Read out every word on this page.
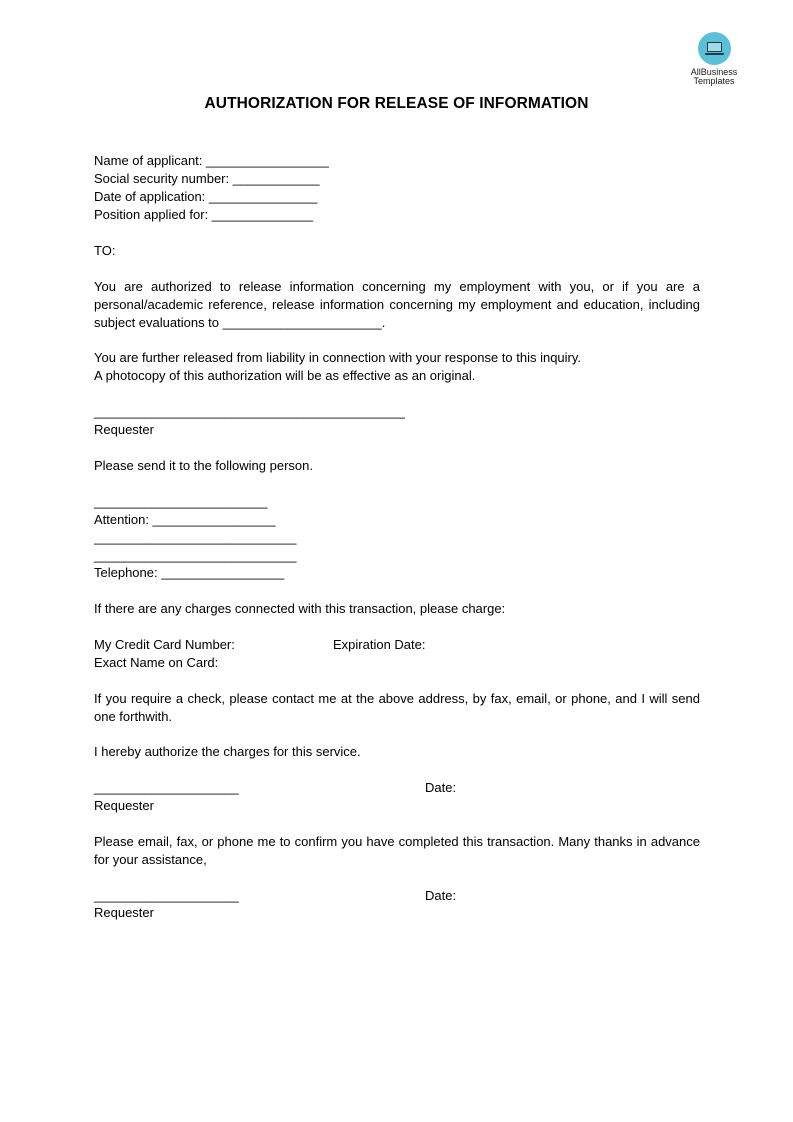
AllBusiness
Templates
AUTHORIZATION FOR RELEASE OF INFORMATION
Name of applicant: _________________
Social security number: ____________
Date of application: _______________
Position applied for: ______________
TO:
You are authorized to release information concerning my employment with you, or if you are a personal/academic reference, release information concerning my employment and education, including subject evaluations to ______________________.
You are further released from liability in connection with your response to this inquiry.
A photocopy of this authorization will be as effective as an original.
___________________________________________
Requester
Please send it to the following person.
________________________
Attention: _________________
____________________________
____________________________
Telephone: _________________
If there are any charges connected with this transaction, please charge:
My Credit Card Number:	Expiration Date:
Exact Name on Card:
If you require a check, please contact me at the above address, by fax, email, or phone, and I will send one forthwith.
I hereby authorize the charges for this service.
____________________	Date:
Requester
Please email, fax, or phone me to confirm you have completed this transaction. Many thanks in advance for your assistance,
____________________	Date:
Requester
